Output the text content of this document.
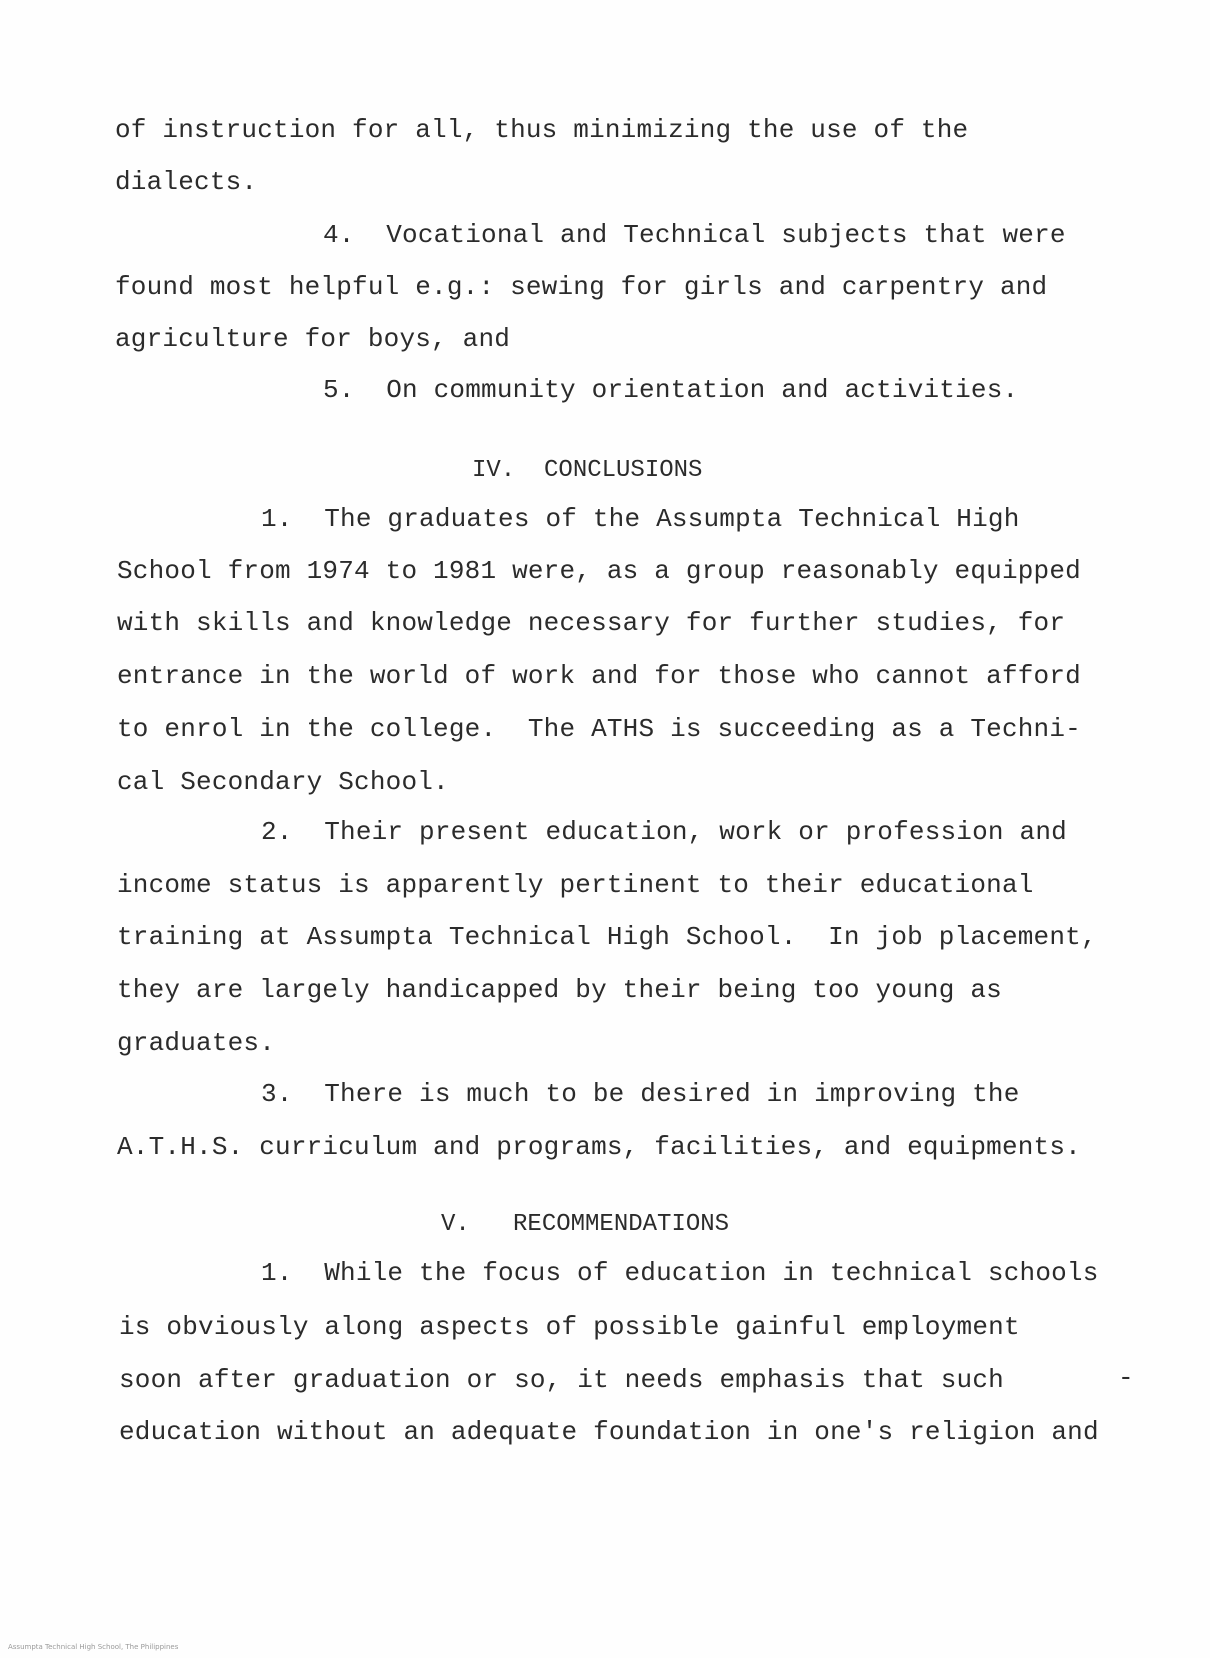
of instruction for all, thus minimizing the use of the
dialects.
4.  Vocational and Technical subjects that were
found most helpful e.g.: sewing for girls and carpentry and
agriculture for boys, and
5.  On community orientation and activities.
IV.  CONCLUSIONS
1.  The graduates of the Assumpta Technical High
School from 1974 to 1981 were, as a group reasonably equipped
with skills and knowledge necessary for further studies, for
entrance in the world of work and for those who cannot afford
to enrol in the college.  The ATHS is succeeding as a Techni-
cal Secondary School.
2.  Their present education, work or profession and
income status is apparently pertinent to their educational
training at Assumpta Technical High School.  In job placement,
they are largely handicapped by their being too young as
graduates.
3.  There is much to be desired in improving the
A.T.H.S. curriculum and programs, facilities, and equipments.
V.   RECOMMENDATIONS
1.  While the focus of education in technical schools
is obviously along aspects of possible gainful employment
soon after graduation or so, it needs emphasis that such
education without an adequate foundation in one's religion and
-
Assumpta Technical High School, The Philippines
